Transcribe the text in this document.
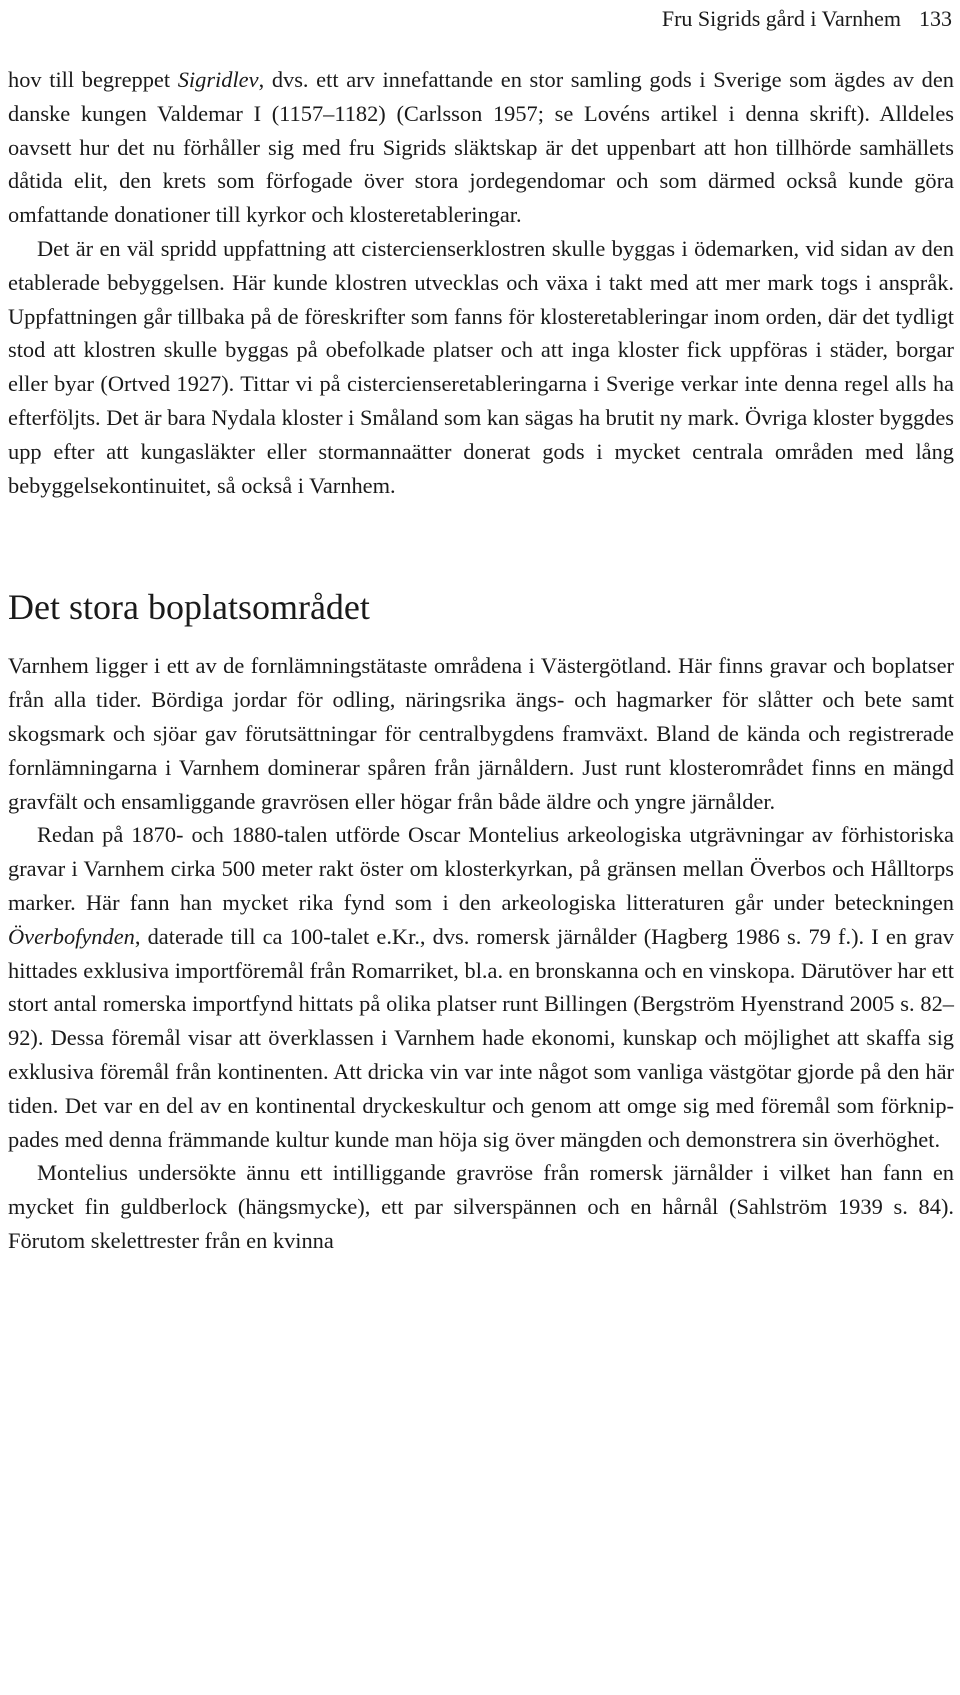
Fru Sigrids gård i Varnhem 133

hov till begreppet Sigridlev, dvs. ett arv innefattande en stor samling gods i Sverige som ägdes av den danske kungen Valdemar I (1157–1182) (Carlsson 1957; se Lovéns artikel i denna skrift). Alldeles oavsett hur det nu förhåller sig med fru Sigrids släktskap är det uppenbart att hon tillhörde samhällets dåtida elit, den krets som förfogade över stora jordegendomar och som därmed också kunde göra omfattande donationer till kyrkor och klosteretableringar.

Det är en väl spridd uppfattning att cistercienserklostren skulle byggas i ödemarken, vid sidan av den etablerade bebyggelsen. Här kunde klostren utvecklas och växa i takt med att mer mark togs i anspråk. Uppfattningen går tillbaka på de föreskrifter som fanns för klosteretableringar inom orden, där det tydligt stod att klostren skulle byggas på obefolkade platser och att inga kloster fick uppföras i städer, borgar eller byar (Ortved 1927). Tittar vi på cistercienseretableringarna i Sverige verkar inte denna regel alls ha efterföljts. Det är bara Nydala kloster i Småland som kan sägas ha brutit ny mark. Övriga kloster byggdes upp efter att kungasläkter eller stormannaätter donerat gods i mycket centrala områden med lång bebyggelsekontinuitet, så också i Varnhem.

Det stora boplatsområdet

Varnhem ligger i ett av de fornlämningstätaste områdena i Västergötland. Här finns gravar och boplatser från alla tider. Bördiga jordar för odling, näringsrika ängs- och hagmarker för slåtter och bete samt skogsmark och sjöar gav förutsättningar för centralbygdens framväxt. Bland de kända och registrerade fornlämningarna i Varnhem dominerar spåren från järnåldern. Just runt klosterområdet finns en mängd gravfält och ensamliggande gravrösen eller högar från både äldre och yngre järnålder.

Redan på 1870- och 1880-talen utförde Oscar Montelius arkeologiska utgrävningar av förhistoriska gravar i Varnhem cirka 500 meter rakt öster om klosterkyrkan, på gränsen mellan Överbos och Hålltorps marker. Här fann han mycket rika fynd som i den arkeologiska litteraturen går under beteckningen Överbofynden, daterade till ca 100-talet e.Kr., dvs. romersk järnålder (Hagberg 1986 s. 79 f.). I en grav hittades exklusiva importföremål från Romarriket, bl.a. en bronskanna och en vinskopa. Därutöver har ett stort antal romerska importfynd hittats på olika platser runt Billingen (Bergström Hyenstrand 2005 s. 82–92). Dessa föremål visar att överklassen i Varnhem hade ekonomi, kunskap och möjlighet att skaffa sig exklusiva föremål från kontinenten. Att dricka vin var inte något som vanliga västgötar gjorde på den här tiden. Det var en del av en kontinental dryckeskultur och genom att omge sig med föremål som förknippades med denna främmande kultur kunde man höja sig över mängden och demonstrera sin överhöghet.

Montelius undersökte ännu ett intilliggande gravröse från romersk järnålder i vilket han fann en mycket fin guldberlock (hängsmycke), ett par silverspännen och en hårnål (Sahlström 1939 s. 84). Förutom skelettrester från en kvinna
